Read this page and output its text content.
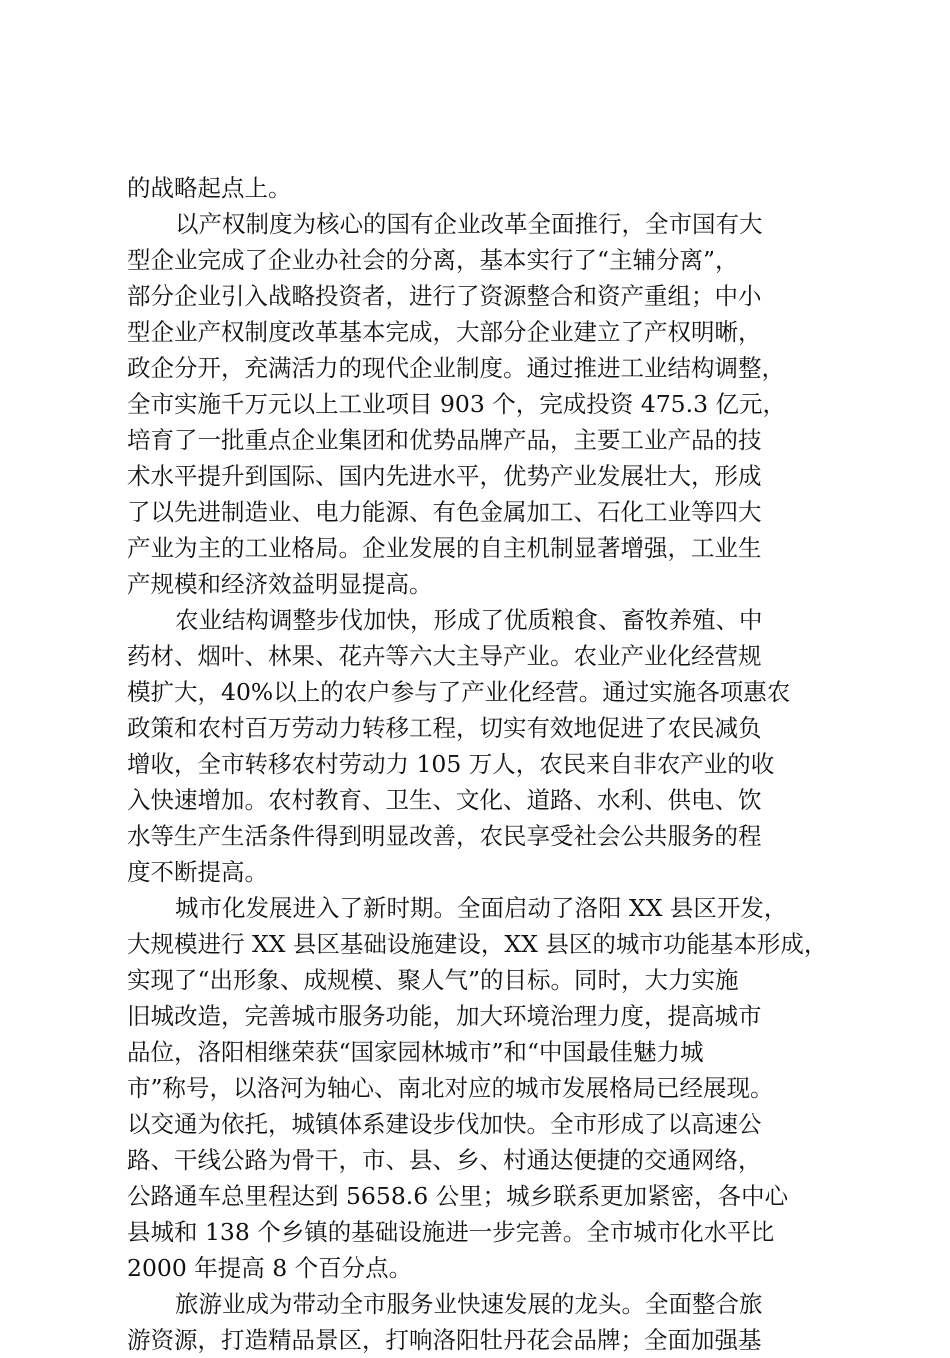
的战略起点上。
以产权制度为核心的国有企业改革全面推行，全市国有大
型企业完成了企业办社会的分离，基本实行了“主辅分离”，
部分企业引入战略投资者，进行了资源整合和资产重组；中小
型企业产权制度改革基本完成，大部分企业建立了产权明晰，
政企分开，充满活力的现代企业制度。通过推进工业结构调整，
全市实施千万元以上工业项目 903 个，完成投资 475.3 亿元，
培育了一批重点企业集团和优势品牌产品，主要工业产品的技
术水平提升到国际、国内先进水平，优势产业发展壮大，形成
了以先进制造业、电力能源、有色金属加工、石化工业等四大
产业为主的工业格局。企业发展的自主机制显著增强，工业生
产规模和经济效益明显提高。
农业结构调整步伐加快，形成了优质粮食、畜牧养殖、中
药材、烟叶、林果、花卉等六大主导产业。农业产业化经营规
模扩大，40%以上的农户参与了产业化经营。通过实施各项惠农
政策和农村百万劳动力转移工程，切实有效地促进了农民减负
增收，全市转移农村劳动力 105 万人，农民来自非农产业的收
入快速增加。农村教育、卫生、文化、道路、水利、供电、饮
水等生产生活条件得到明显改善，农民享受社会公共服务的程
度不断提高。
城市化发展进入了新时期。全面启动了洛阳 XX 县区开发，
大规模进行 XX 县区基础设施建设，XX 县区的城市功能基本形成，
实现了“出形象、成规模、聚人气”的目标。同时，大力实施
旧城改造，完善城市服务功能，加大环境治理力度，提高城市
品位，洛阳相继荣获“国家园林城市”和“中国最佳魅力城
市”称号，以洛河为轴心、南北对应的城市发展格局已经展现。
以交通为依托，城镇体系建设步伐加快。全市形成了以高速公
路、干线公路为骨干，市、县、乡、村通达便捷的交通网络，
公路通车总里程达到 5658.6 公里；城乡联系更加紧密，各中心
县城和 138 个乡镇的基础设施进一步完善。全市城市化水平比
2000 年提高 8 个百分点。
旅游业成为带动全市服务业快速发展的龙头。全面整合旅
游资源，打造精品景区，打响洛阳牡丹花会品牌；全面加强基
